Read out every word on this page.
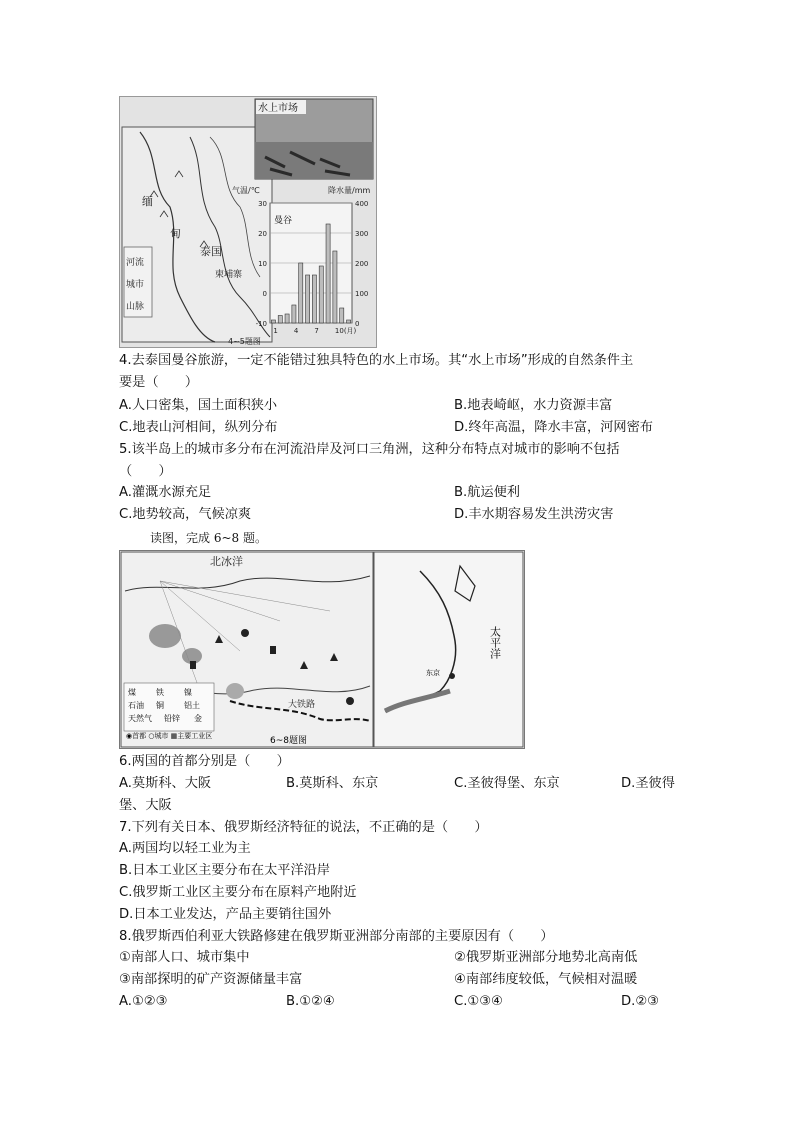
缅
甸
泰国
柬埔寨
河流
城市
山脉
4~5题图
水上市场
气温/℃	降水量/mm
30	400
20	300
10	200
0	100
-10	0
1 4 7 10(月)
曼谷
4.去泰国曼谷旅游，一定不能错过独具特色的水上市场。其“水上市场”形成的自然条件主
要是（　　）
A.人口密集，国土面积狭小	B.地表崎岖，水力资源丰富
C.地表山河相间，纵列分布	D.终年高温，降水丰富，河网密布
5.该半岛上的城市多分布在河流沿岸及河口三角洲，这种分布特点对城市的影响不包括
（　　）
A.灌溉水源充足	B.航运便利
C.地势较高，气候凉爽	D.丰水期容易发生洪涝灾害
读图，完成 6~8 题。
北冰洋
大铁路
煤	铁	镍
石油 铜	铝土
天然气 铅锌 金
◉首都 ○城市 ▦主要工业区	6~8题图
东京
太平洋
6.两国的首都分别是（　　）
A.莫斯科、大阪	B.莫斯科、东京	C.圣彼得堡、东京	D.圣彼得
堡、大阪
7.下列有关日本、俄罗斯经济特征的说法，不正确的是（　　）
A.两国均以轻工业为主
B.日本工业区主要分布在太平洋沿岸
C.俄罗斯工业区主要分布在原料产地附近
D.日本工业发达，产品主要销往国外
8.俄罗斯西伯利亚大铁路修建在俄罗斯亚洲部分南部的主要原因有（　　）
①南部人口、城市集中	②俄罗斯亚洲部分地势北高南低
③南部探明的矿产资源储量丰富	④南部纬度较低，气候相对温暖
A.①②③	B.①②④	C.①③④	D.②③
